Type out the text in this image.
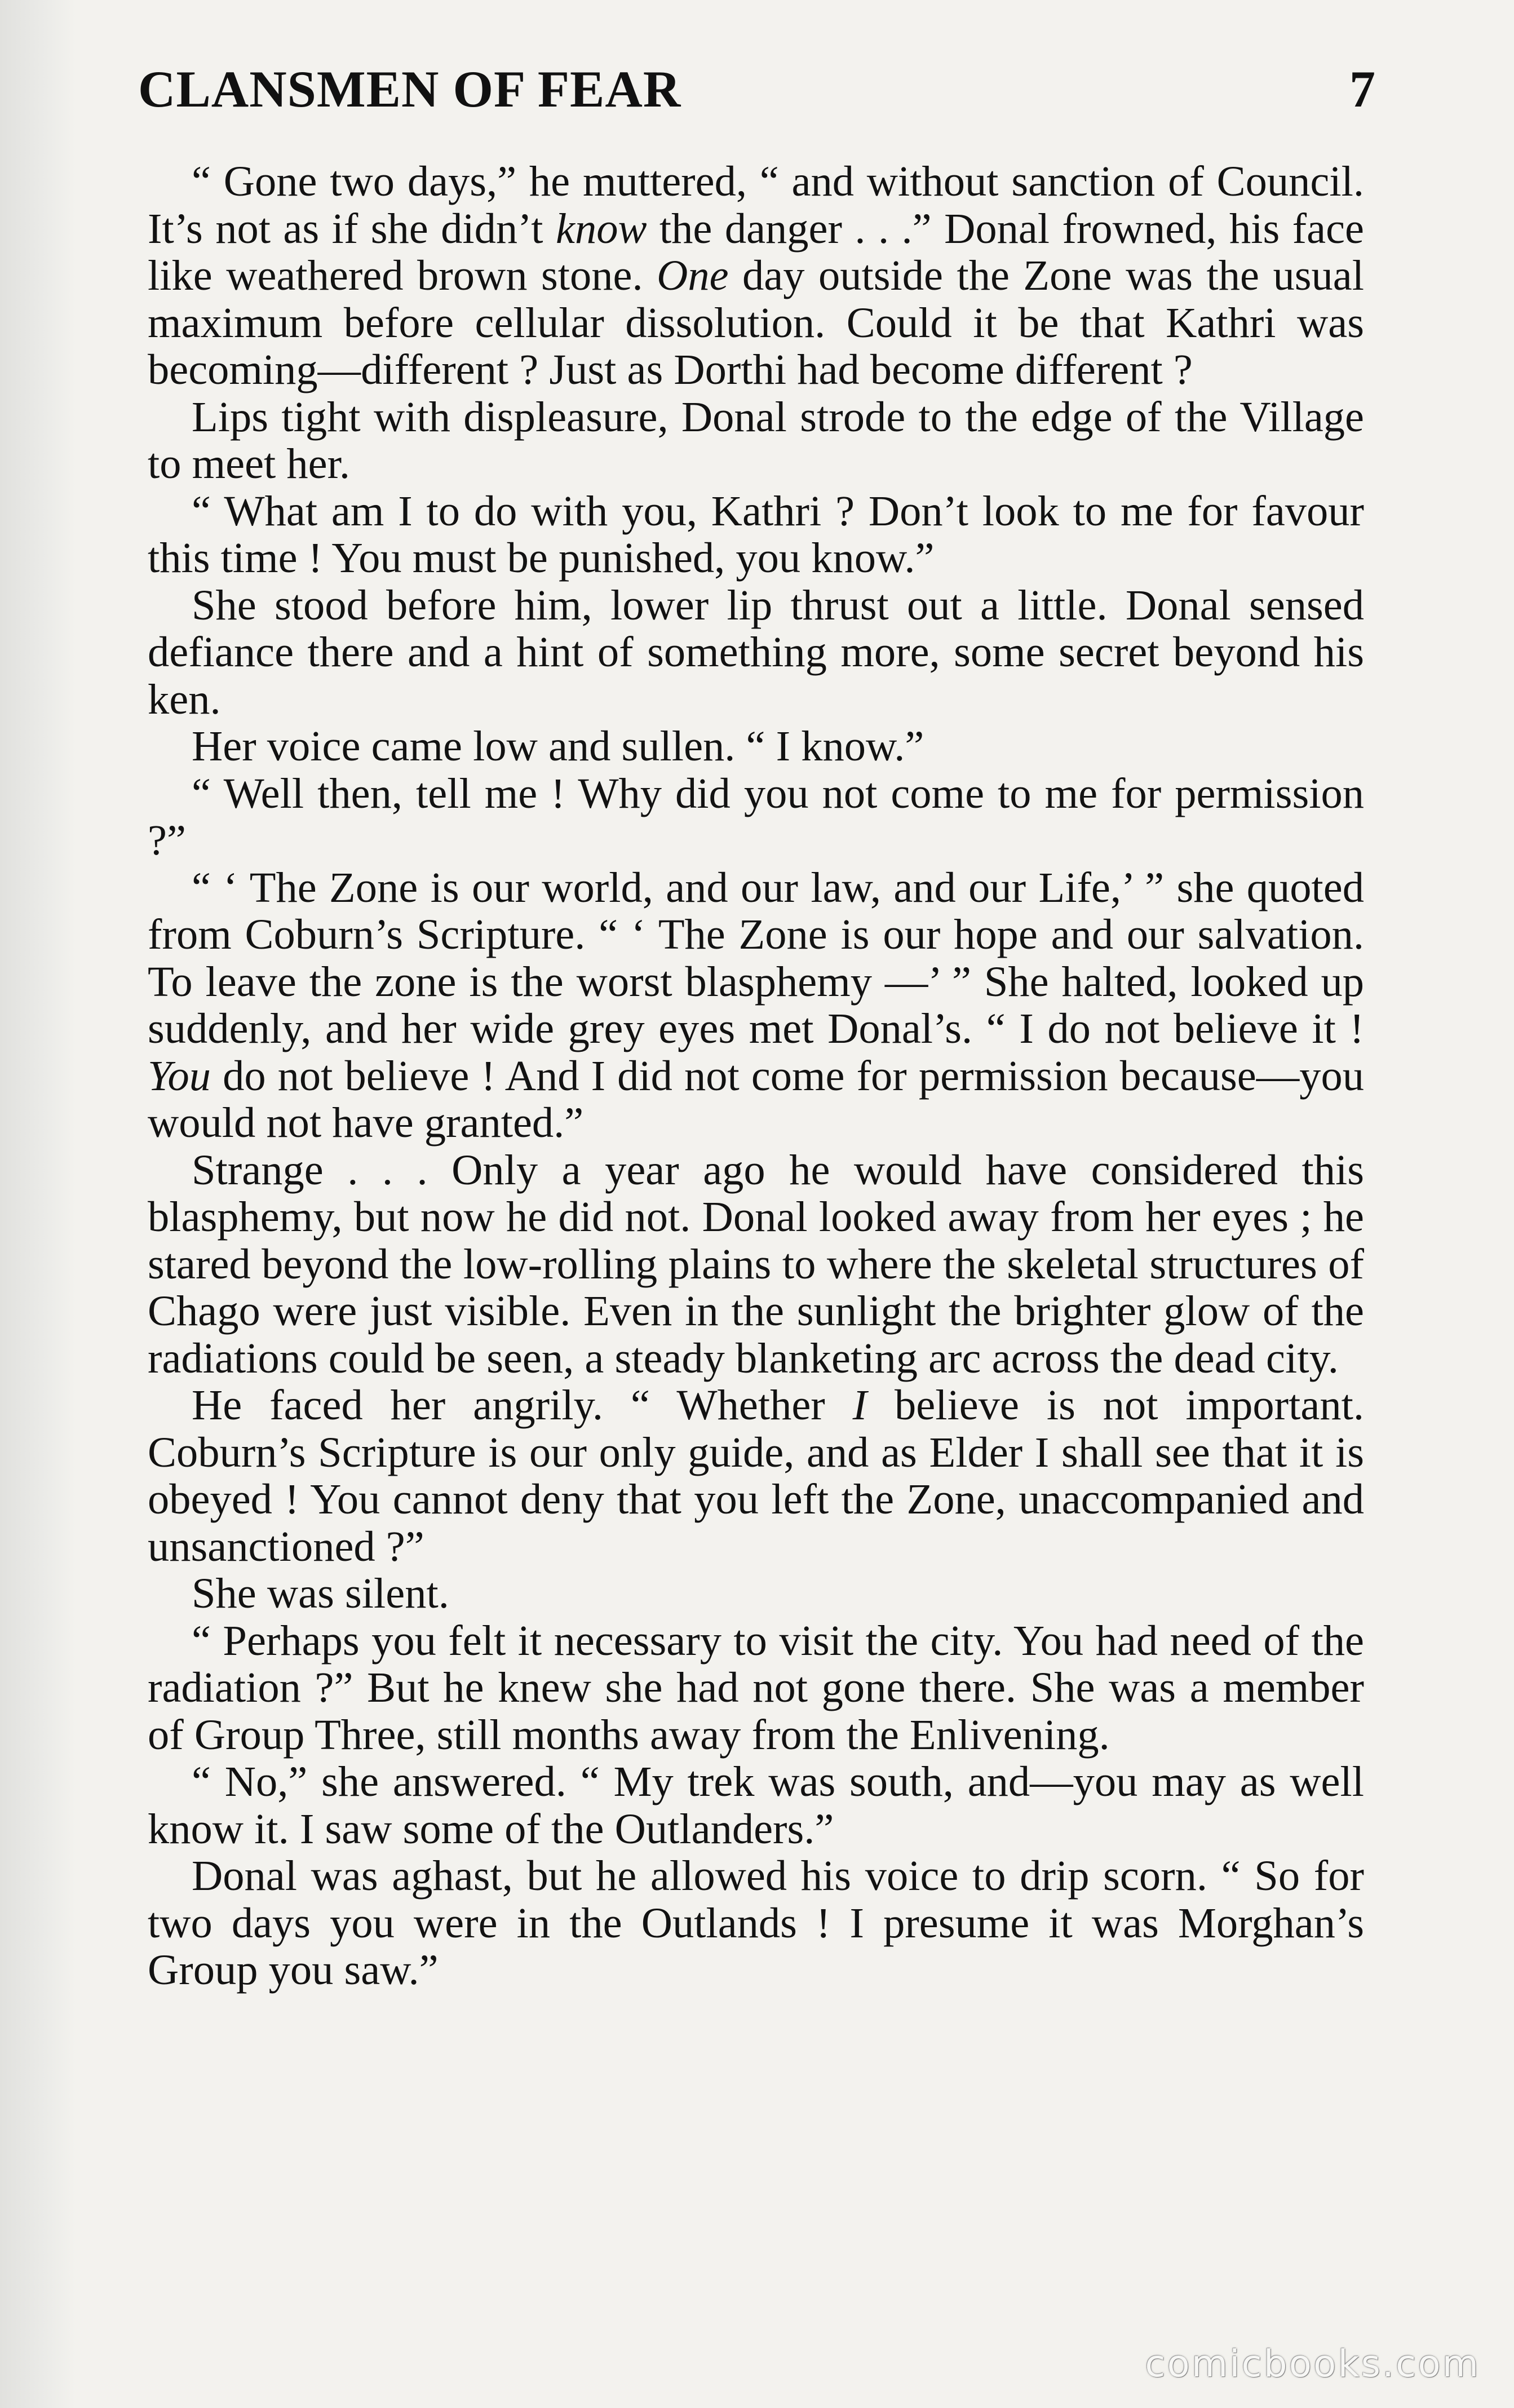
CLANSMEN OF FEAR	7

“ Gone two days,” he muttered, “ and without sanction of Council. It’s not as if she didn’t know the danger . . .” Donal frowned, his face like weathered brown stone. One day outside the Zone was the usual maximum before cellular dissolution. Could it be that Kathri was becoming—different ? Just as Dorthi had become different ?

Lips tight with displeasure, Donal strode to the edge of the Village to meet her.

“ What am I to do with you, Kathri ? Don’t look to me for favour this time ! You must be punished, you know.”

She stood before him, lower lip thrust out a little. Donal sensed defiance there and a hint of something more, some secret beyond his ken.

Her voice came low and sullen. “ I know.”

“ Well then, tell me ! Why did you not come to me for permission ?”

“ ‘ The Zone is our world, and our law, and our Life,’ ” she quoted from Coburn’s Scripture. “ ‘ The Zone is our hope and our salvation. To leave the zone is the worst blasphemy —’ ” She halted, looked up suddenly, and her wide grey eyes met Donal’s. “ I do not believe it ! You do not believe ! And I did not come for permission because—you would not have granted.”

Strange . . . Only a year ago he would have considered this blasphemy, but now he did not. Donal looked away from her eyes ; he stared beyond the low-rolling plains to where the skeletal structures of Chago were just visible. Even in the sunlight the brighter glow of the radiations could be seen, a steady blanketing arc across the dead city.

He faced her angrily. “ Whether I believe is not important. Coburn’s Scripture is our only guide, and as Elder I shall see that it is obeyed ! You cannot deny that you left the Zone, unaccompanied and unsanctioned ?”

She was silent.

“ Perhaps you felt it necessary to visit the city. You had need of the radiation ?” But he knew she had not gone there. She was a member of Group Three, still months away from the Enlivening.

“ No,” she answered. “ My trek was south, and—you may as well know it. I saw some of the Outlanders.”

Donal was aghast, but he allowed his voice to drip scorn. “ So for two days you were in the Outlands ! I presume it was Morghan’s Group you saw.”

comicbooks.com
